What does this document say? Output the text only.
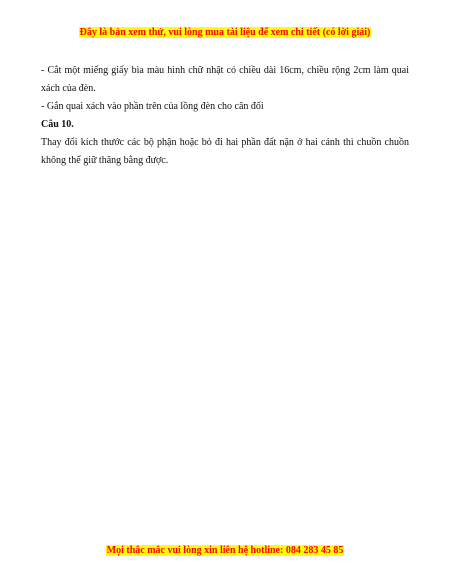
Đây là bản xem thử, vui lòng mua tài liệu để xem chi tiết (có lời giải)

- Cắt một miếng giấy bìa màu hình chữ nhật có chiều dài 16cm, chiều rộng 2cm làm quai xách của đèn.

- Gắn quai xách vào phần trên của lồng đèn cho cân đối

Câu 10.

Thay đổi kích thước các bộ phận hoặc bỏ đi hai phần đất nặn ở hai cánh thì chuồn chuồn không thể giữ thăng bằng được.

Mọi thắc mắc vui lòng xin liên hệ hotline: 084 283 45 85
